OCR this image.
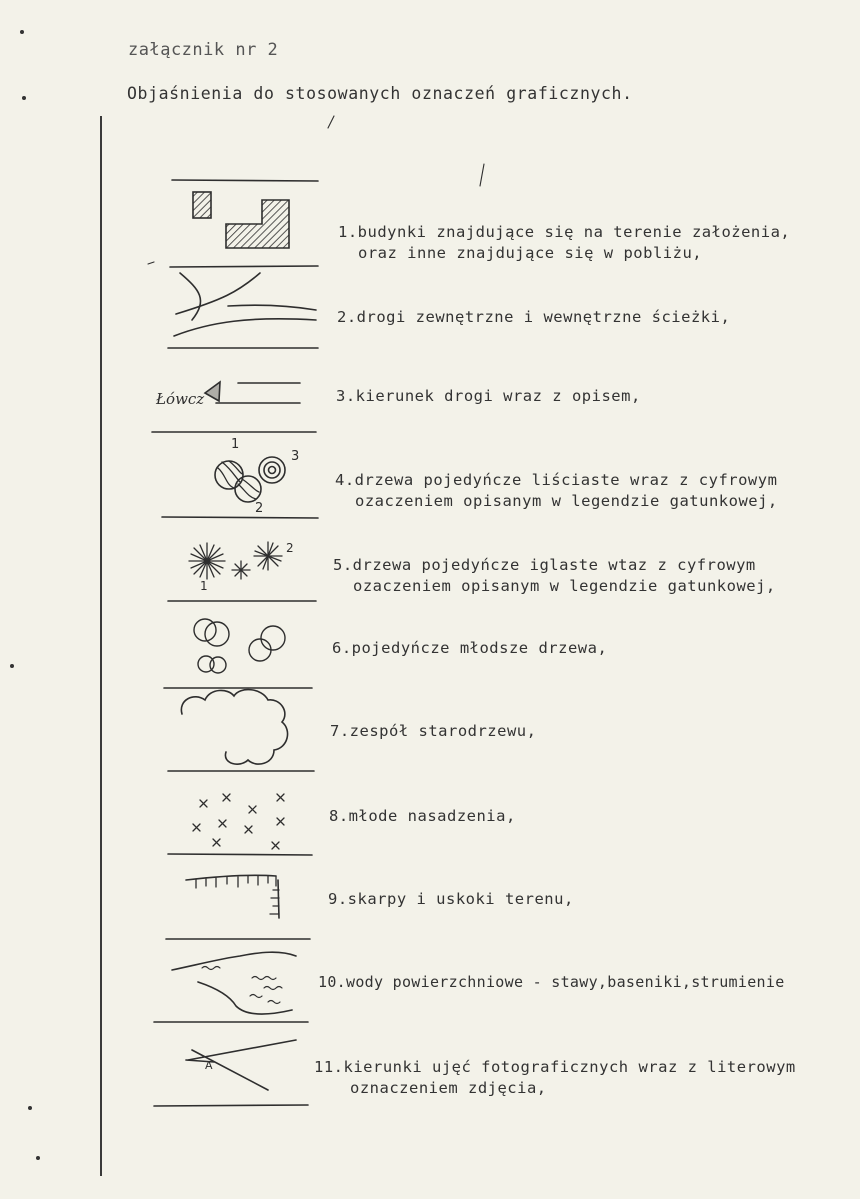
załącznik nr 2
Objaśnienia do stosowanych oznaczeń graficznych.
Łówcz
1
3
2
2
1
A
1.budynki znajdujące się na terenie założenia,
oraz inne znajdujące się w pobliżu,
2.drogi zewnętrzne i wewnętrzne ścieżki,
3.kierunek drogi wraz z opisem,
4.drzewa pojedyńcze liściaste wraz z cyfrowym
ozaczeniem opisanym w legendzie gatunkowej,
5.drzewa pojedyńcze iglaste wtaz z cyfrowym
ozaczeniem opisanym w legendzie gatunkowej,
6.pojedyńcze młodsze drzewa,
7.zespół starodrzewu,
8.młode nasadzenia,
9.skarpy i uskoki terenu,
10.wody powierzchniowe - stawy,baseniki,strumienie
11.kierunki ujęć fotograficznych wraz z literowym
oznaczeniem zdjęcia,
